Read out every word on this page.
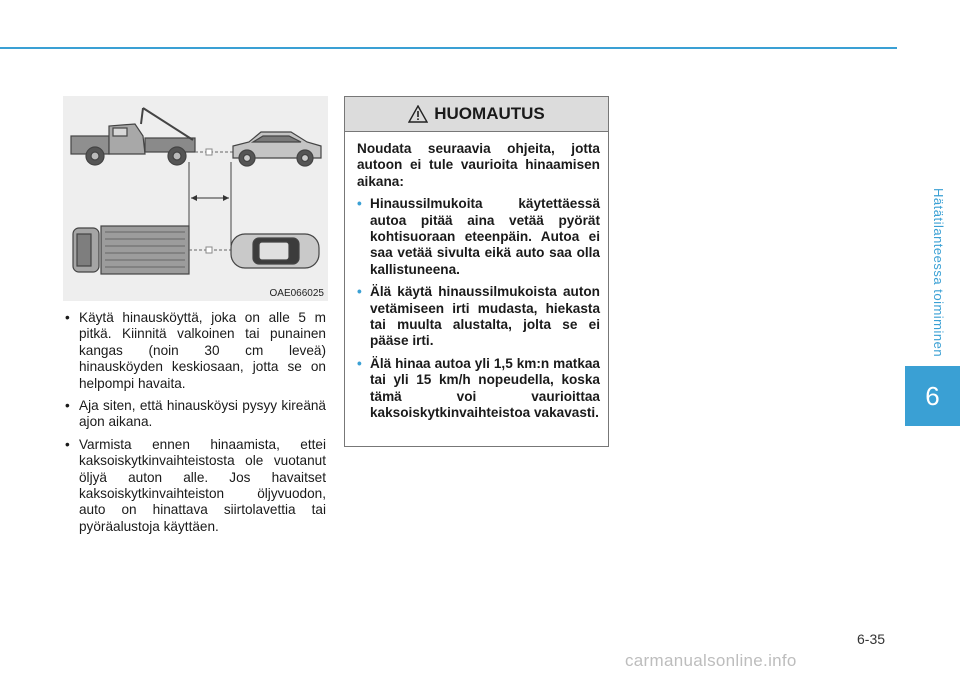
Hätätilanteessa toimiminen
6
OAE066025
• Käytä hinausköyttä, joka on alle 5 m pitkä. Kiinnitä valkoinen tai punainen kangas (noin 30 cm leveä) hinausköyden keskiosaan, jotta se on helpompi havaita.
• Aja siten, että hinausköysi pysyy kireänä ajon aikana.
• Varmista ennen hinaamista, ettei kaksoiskytkinvaihteistosta ole vuotanut öljyä auton alle. Jos havaitset kaksoiskytkinvaihteiston öljyvuodon, auto on hinattava siirtolavettia tai pyöräalustoja käyttäen.
HUOMAUTUS

Noudata seuraavia ohjeita, jotta autoon ei tule vaurioita hinaamisen aikana:

• Hinaussilmukoita käytettäessä autoa pitää aina vetää pyörät kohtisuoraan eteenpäin. Autoa ei saa vetää sivulta eikä auto saa olla kallistuneena.
• Älä käytä hinaussilmukoista auton vetämiseen irti mudasta, hiekasta tai muulta alustalta, jolta se ei pääse irti.
• Älä hinaa autoa yli 1,5 km:n matkaa tai yli 15 km/h nopeudella, koska tämä voi vaurioittaa kaksoiskytkinvaihteistoa vakavasti.
6-35
carmanualsonline.info
